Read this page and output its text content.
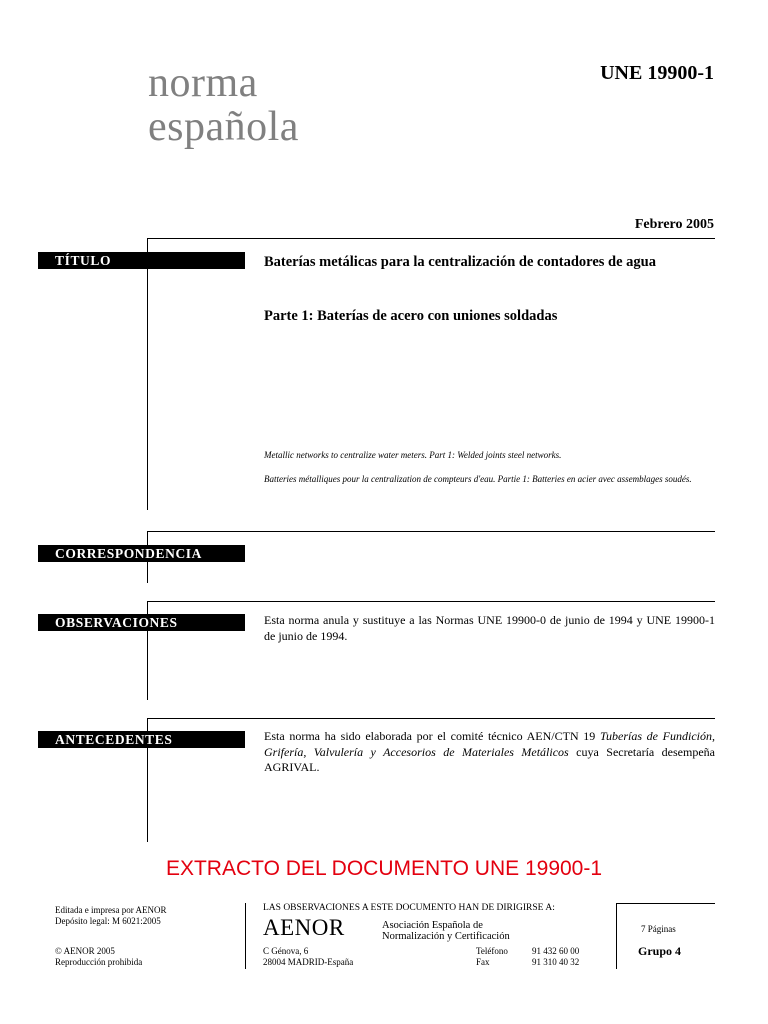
norma
española
UNE 19900-1
Febrero 2005
TÍTULO	Baterías metálicas para la centralización de contadores de agua
Parte 1: Baterías de acero con uniones soldadas
Metallic networks to centralize water meters. Part 1: Welded joints steel networks.
Batteries métalliques pour la centralization de compteurs d'eau. Partie 1: Batteries en acier avec assemblages soudés.
CORRESPONDENCIA
OBSERVACIONES	Esta norma anula y sustituye a las Normas UNE 19900-0 de junio de 1994 y UNE 19900-1 de junio de 1994.
ANTECEDENTES	Esta norma ha sido elaborada por el comité técnico AEN/CTN 19 Tuberías de Fundición, Grifería, Valvulería y Accesorios de Materiales Metálicos cuya Secretaría desempeña AGRIVAL.
EXTRACTO DEL DOCUMENTO UNE 19900-1
Editada e impresa por AENOR
Depósito legal: M 6021:2005
© AENOR 2005
Reproducción prohibida
LAS OBSERVACIONES A ESTE DOCUMENTO HAN DE DIRIGIRSE A:
AENOR	Asociación Española de
Normalización y Certificación
C Génova, 6
28004 MADRID-España
Teléfono	91 432 60 00
Fax	91 310 40 32
7 Páginas
Grupo 4
